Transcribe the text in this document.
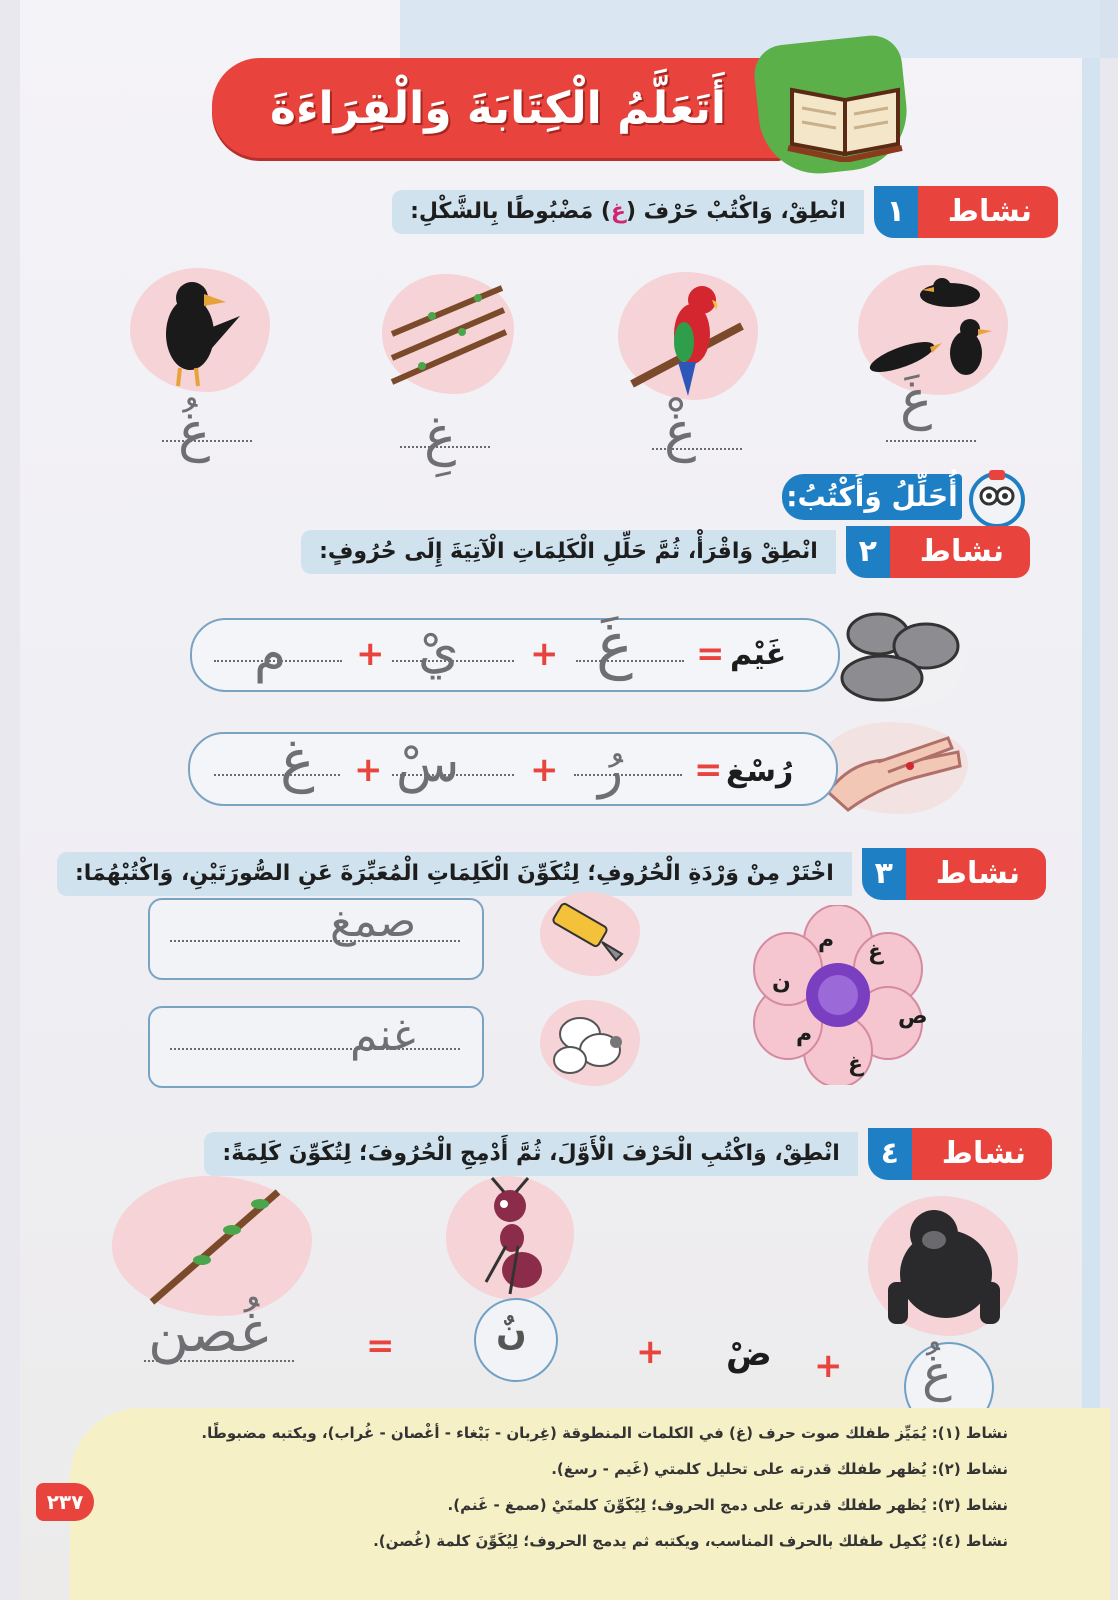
أَتَعَلَّمُ الْكِتَابَةَ وَالْقِرَاءَةَ
نشاط
١
انْطِقْ، وَاكْتُبْ حَرْفَ (غ) مَضْبُوطًا بِالشَّكْلِ:
غَ
غْ
غِ
غُ
أُحَلِّلُ وَأَكْتُبُ:
نشاط
٢
انْطِقْ وَاقْرَأْ، ثُمَّ حَلِّلِ الْكَلِمَاتِ الْآتِيَةَ إِلَى حُرُوفٍ:
غَيْم
=
غَ
+
يْ
+
م
رُسْغ
=
رُ
+
سْ
+
غ
نشاط
٣
اخْتَرْ مِنْ وَرْدَةِ الْحُرُوفِ؛ لِتُكَوِّنَ الْكَلِمَاتِ الْمُعَبِّرَةَ عَنِ الصُّورَتَيْنِ، وَاكْتُبْهُمَا:
غ
م
ن
م
غ
ص
صمغ
غنم
نشاط
٤
انْطِقْ، وَاكْتُبِ الْحَرْفَ الْأَوَّلَ، ثُمَّ أَدْمِجِ الْحُرُوفَ؛ لِتُكَوِّنَ كَلِمَةً:
غُ
+
ضْ
+
نٌ
=
غُصن
نشاط (١): يُمَيِّز طفلك صوت حرف (غ) في الكلمات المنطوقة (غِربان - بَبْغاء - أغْصان - غُراب)، ويكتبه مضبوطًا.
نشاط (٢): يُظهر طفلك قدرته على تحليل كلمتي (غَيم - رسغ).
نشاط (٣): يُظهر طفلك قدرته على دمج الحروف؛ لِيُكَوِّنَ كلمتَيْ (صمغ - غَنم).
نشاط (٤): يُكمِل طفلك بالحرف المناسب، ويكتبه ثم يدمج الحروف؛ لِيُكَوِّنَ كلمة (غُصن).
٢٣٧
